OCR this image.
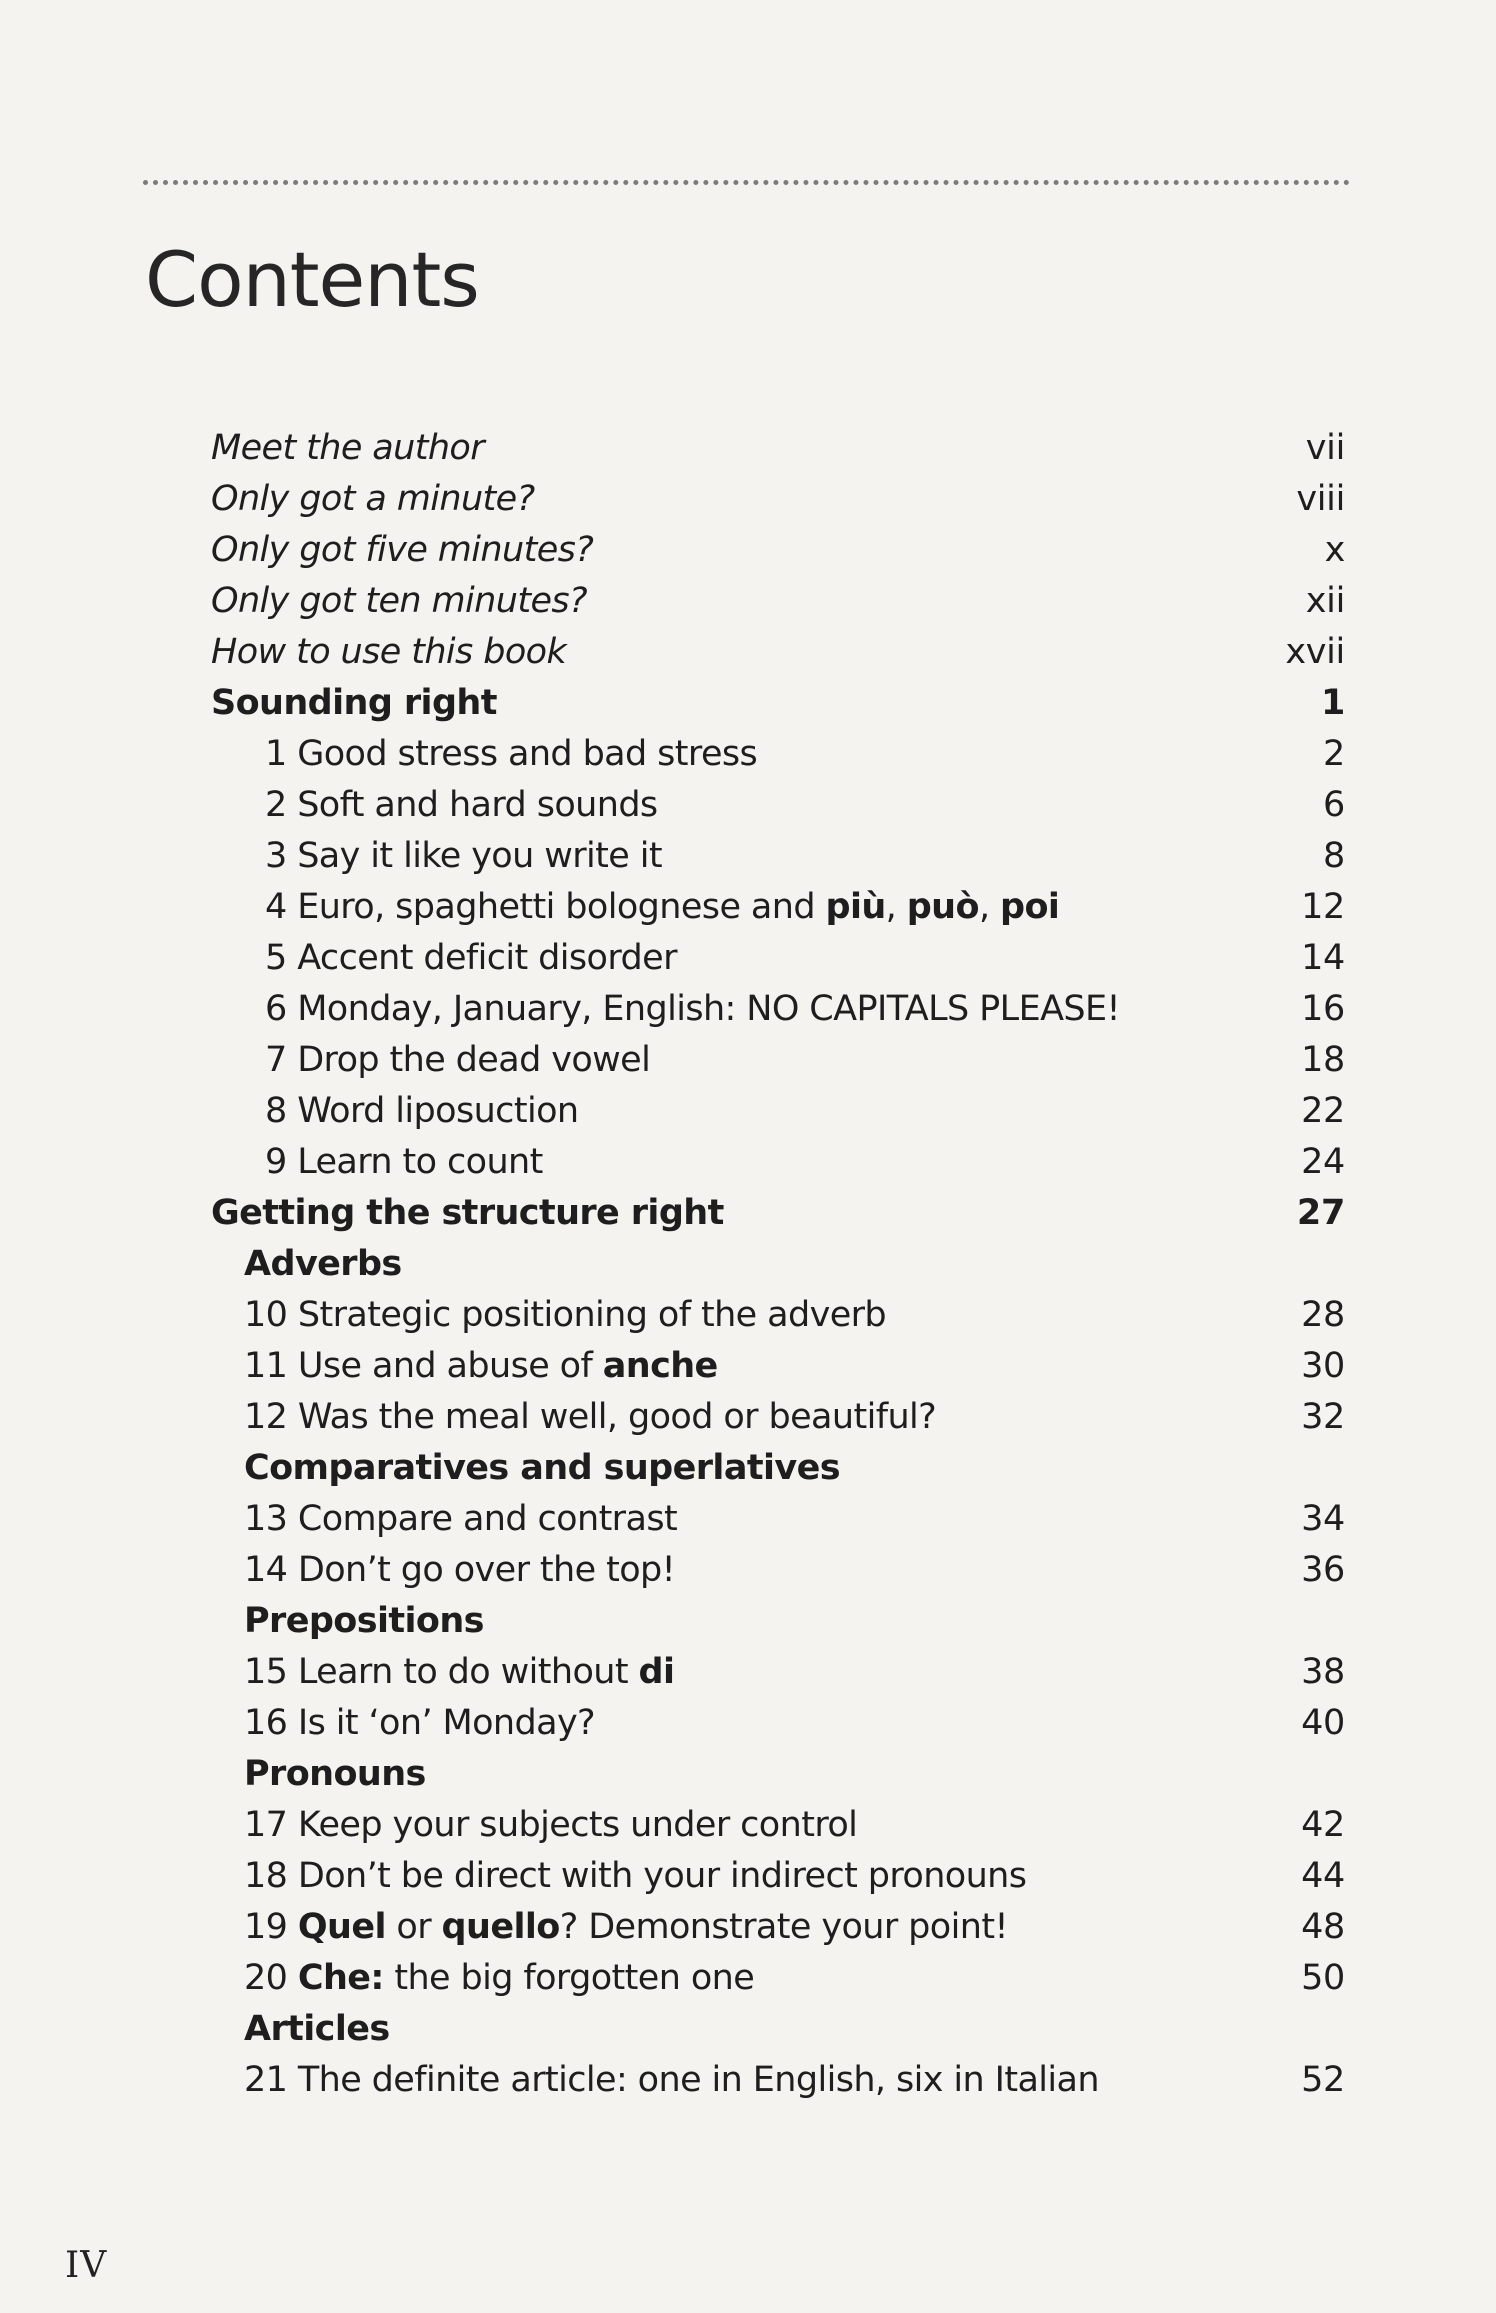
Contents
Meet the author	vii
Only got a minute?	viii
Only got five minutes?	x
Only got ten minutes?	xii
How to use this book	xvii
Sounding right	1
1 Good stress and bad stress	2
2 Soft and hard sounds	6
3 Say it like you write it	8
4 Euro, spaghetti bolognese and più, può, poi	12
5 Accent deficit disorder	14
6 Monday, January, English: NO CAPITALS PLEASE!	16
7 Drop the dead vowel	18
8 Word liposuction	22
9 Learn to count	24
Getting the structure right	27
Adverbs
10 Strategic positioning of the adverb	28
11 Use and abuse of anche	30
12 Was the meal well, good or beautiful?	32
Comparatives and superlatives
13 Compare and contrast	34
14 Don’t go over the top!	36
Prepositions
15 Learn to do without di	38
16 Is it ‘on’ Monday?	40
Pronouns
17 Keep your subjects under control	42
18 Don’t be direct with your indirect pronouns	44
19 Quel or quello? Demonstrate your point!	48
20 Che: the big forgotten one	50
Articles
21 The definite article: one in English, six in Italian	52
IV
